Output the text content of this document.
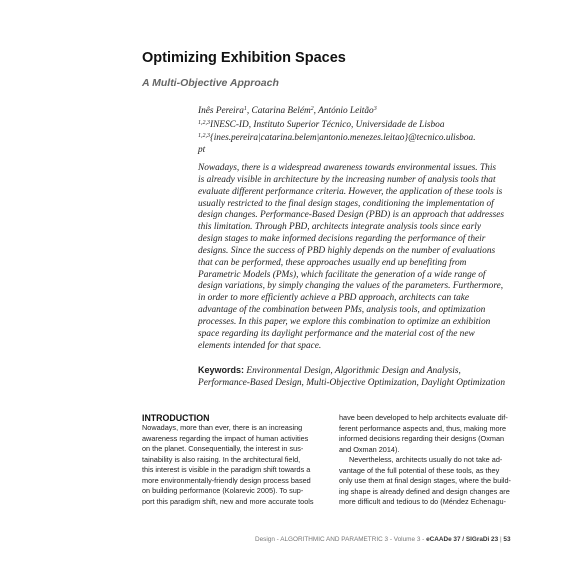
Optimizing Exhibition Spaces
A Multi-Objective Approach
Inês Pereira$^1$, Catarina Belém$^2$, António Leitão$^3$
$^{1,2,3}$INESC-ID, Instituto Superior Técnico, Universidade de Lisboa
$^{1,2,3}${ines.pereira|catarina.belem|antonio.menezes.leitao}@tecnico.ulisboa.
pt
Nowadays, there is a widespread awareness towards environmental issues. This
is already visible in architecture by the increasing number of analysis tools that
evaluate different performance criteria. However, the application of these tools is
usually restricted to the final design stages, conditioning the implementation of
design changes. Performance-Based Design (PBD) is an approach that addresses
this limitation. Through PBD, architects integrate analysis tools since early
design stages to make informed decisions regarding the performance of their
designs. Since the success of PBD highly depends on the number of evaluations
that can be performed, these approaches usually end up benefiting from
Parametric Models (PMs), which facilitate the generation of a wide range of
design variations, by simply changing the values of the parameters. Furthermore,
in order to more efficiently achieve a PBD approach, architects can take
advantage of the combination between PMs, analysis tools, and optimization
processes. In this paper, we explore this combination to optimize an exhibition
space regarding its daylight performance and the material cost of the new
elements intended for that space.
Keywords: Environmental Design, Algorithmic Design and Analysis,
Performance-Based Design, Multi-Objective Optimization, Daylight Optimization
INTRODUCTION
Nowadays, more than ever, there is an increasing
awareness regarding the impact of human activities
on the planet. Consequentially, the interest in sus-
tainability is also raising. In the architectural field,
this interest is visible in the paradigm shift towards a
more environmentally-friendly design process based
on building performance (Kolarevic 2005). To sup-
port this paradigm shift, new and more accurate tools
have been developed to help architects evaluate dif-
ferent performance aspects and, thus, making more
informed decisions regarding their designs (Oxman
and Oxman 2014).
Nevertheless, architects usually do not take ad-
vantage of the full potential of these tools, as they
only use them at final design stages, where the build-
ing shape is already defined and design changes are
more difficult and tedious to do (Méndez Echenagu-
Design - ALGORITHMIC AND PARAMETRIC 3 - Volume 3 - eCAADe 37 / SIGraDi 23 | 53
